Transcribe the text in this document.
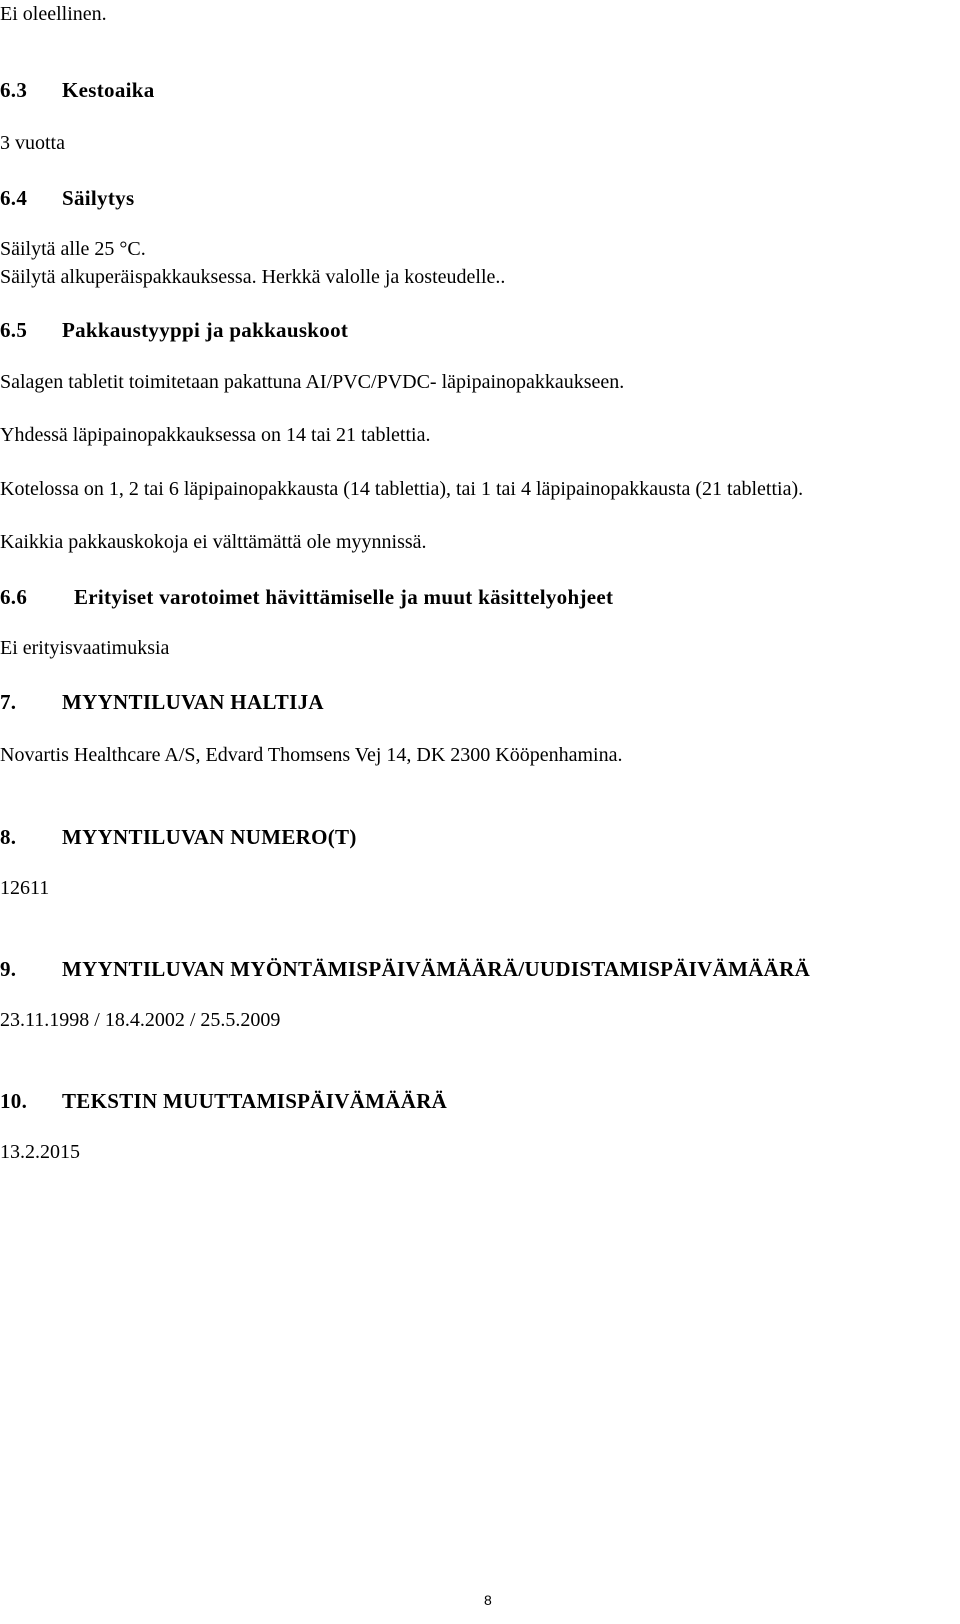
Ei oleellinen.
6.3 Kestoaika
3 vuotta
6.4 Säilytys
Säilytä alle 25 °C.
Säilytä alkuperäispakkauksessa. Herkkä valolle ja kosteudelle..
6.5 Pakkaustyyppi ja pakkauskoot
Salagen tabletit toimitetaan pakattuna AI/PVC/PVDC- läpipainopakkaukseen.
Yhdessä läpipainopakkauksessa on 14 tai 21 tablettia.
Kotelossa on 1, 2 tai 6 läpipainopakkausta (14 tablettia), tai 1 tai 4 läpipainopakkausta (21 tablettia).
Kaikkia pakkauskokoja ei välttämättä ole myynnissä.
6.6 Erityiset varotoimet hävittämiselle ja muut käsittelyohjeet
Ei erityisvaatimuksia
7. MYYNTILUVAN HALTIJA
Novartis Healthcare A/S, Edvard Thomsens Vej 14, DK 2300 Kööpenhamina.
8. MYYNTILUVAN NUMERO(T)
12611
9. MYYNTILUVAN MYÖNTÄMISPÄIVÄMÄÄRÄ/UUDISTAMISPÄIVÄMÄÄRÄ
23.11.1998 / 18.4.2002 / 25.5.2009
10. TEKSTIN MUUTTAMISPÄIVÄMÄÄRÄ
13.2.2015
8
